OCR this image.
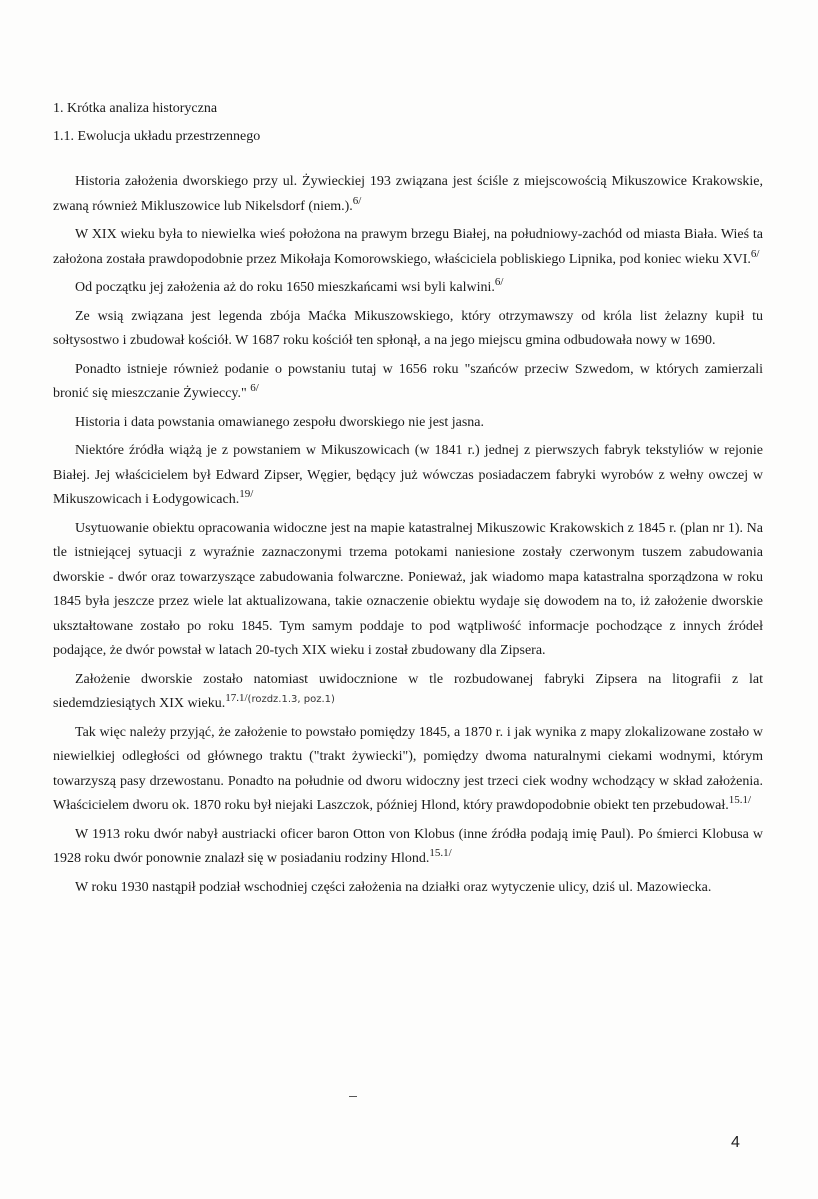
1. Krótka analiza historyczna
1.1. Ewolucja układu przestrzennego

Historia założenia dworskiego przy ul. Żywieckiej 193 związana jest ściśle z miejscowością Mikuszowice Krakowskie, zwaną również Mikluszowice lub Nikelsdorf (niem.).$^{6/}$

W XIX wieku była to niewielka wieś położona na prawym brzegu Białej, na południowy-zachód od miasta Biała. Wieś ta założona została prawdopodobnie przez Mikołaja Komorowskiego, właściciela pobliskiego Lipnika, pod koniec wieku XVI.$^{6/}$

Od początku jej założenia aż do roku 1650 mieszkańcami wsi byli kalwini.$^{6/}$

Ze wsią związana jest legenda zbója Maćka Mikuszowskiego, który otrzymawszy od króla list żelazny kupił tu sołtysostwo i zbudował kościół. W 1687 roku kościół ten spłonął, a na jego miejscu gmina odbudowała nowy w 1690.

Ponadto istnieje również podanie o powstaniu tutaj w 1656 roku "szańców przeciw Szwedom, w których zamierzali bronić się mieszczanie Żywieccy." $^{6/}$

Historia i data powstania omawianego zespołu dworskiego nie jest jasna.

Niektóre źródła wiążą je z powstaniem w Mikuszowicach (w 1841 r.) jednej z pierwszych fabryk tekstyliów w rejonie Białej. Jej właścicielem był Edward Zipser, Węgier, będący już wówczas posiadaczem fabryki wyrobów z wełny owczej w Mikuszowicach i Łodygowicach.$^{19/}$

Usytuowanie obiektu opracowania widoczne jest na mapie katastralnej Mikuszowic Krakowskich z 1845 r. (plan nr 1). Na tle istniejącej sytuacji z wyraźnie zaznaczonymi trzema potokami naniesione zostały czerwonym tuszem zabudowania dworskie - dwór oraz towarzyszące zabudowania folwarczne. Ponieważ, jak wiadomo mapa katastralna sporządzona w roku 1845 była jeszcze przez wiele lat aktualizowana, takie oznaczenie obiektu wydaje się dowodem na to, iż założenie dworskie ukształtowane zostało po roku 1845. Tym samym poddaje to pod wątpliwość informacje pochodzące z innych źródeł podające, że dwór powstał w latach 20-tych XIX wieku i został zbudowany dla Zipsera.

Założenie dworskie zostało natomiast uwidocznione w tle rozbudowanej fabryki Zipsera na litografii z lat siedemdziesiątych XIX wieku.$^{17.1/(rozdz.1.3, poz.1)}$

Tak więc należy przyjąć, że założenie to powstało pomiędzy 1845, a 1870 r. i jak wynika z mapy zlokalizowane zostało w niewielkiej odległości od głównego traktu ("trakt żywiecki"), pomiędzy dwoma naturalnymi ciekami wodnymi, którym towarzyszą pasy drzewostanu. Ponadto na południe od dworu widoczny jest trzeci ciek wodny wchodzący w skład założenia. Właścicielem dworu ok. 1870 roku był niejaki Laszczok, później Hlond, który prawdopodobnie obiekt ten przebudował.$^{15.1/}$

W 1913 roku dwór nabył austriacki oficer baron Otton von Klobus (inne źródła podają imię Paul). Po śmierci Klobusa w 1928 roku dwór ponownie znalazł się w posiadaniu rodziny Hlond.$^{15.1/}$

W roku 1930 nastąpił podział wschodniej części założenia na działki oraz wytyczenie ulicy, dziś ul. Mazowiecka.

4
